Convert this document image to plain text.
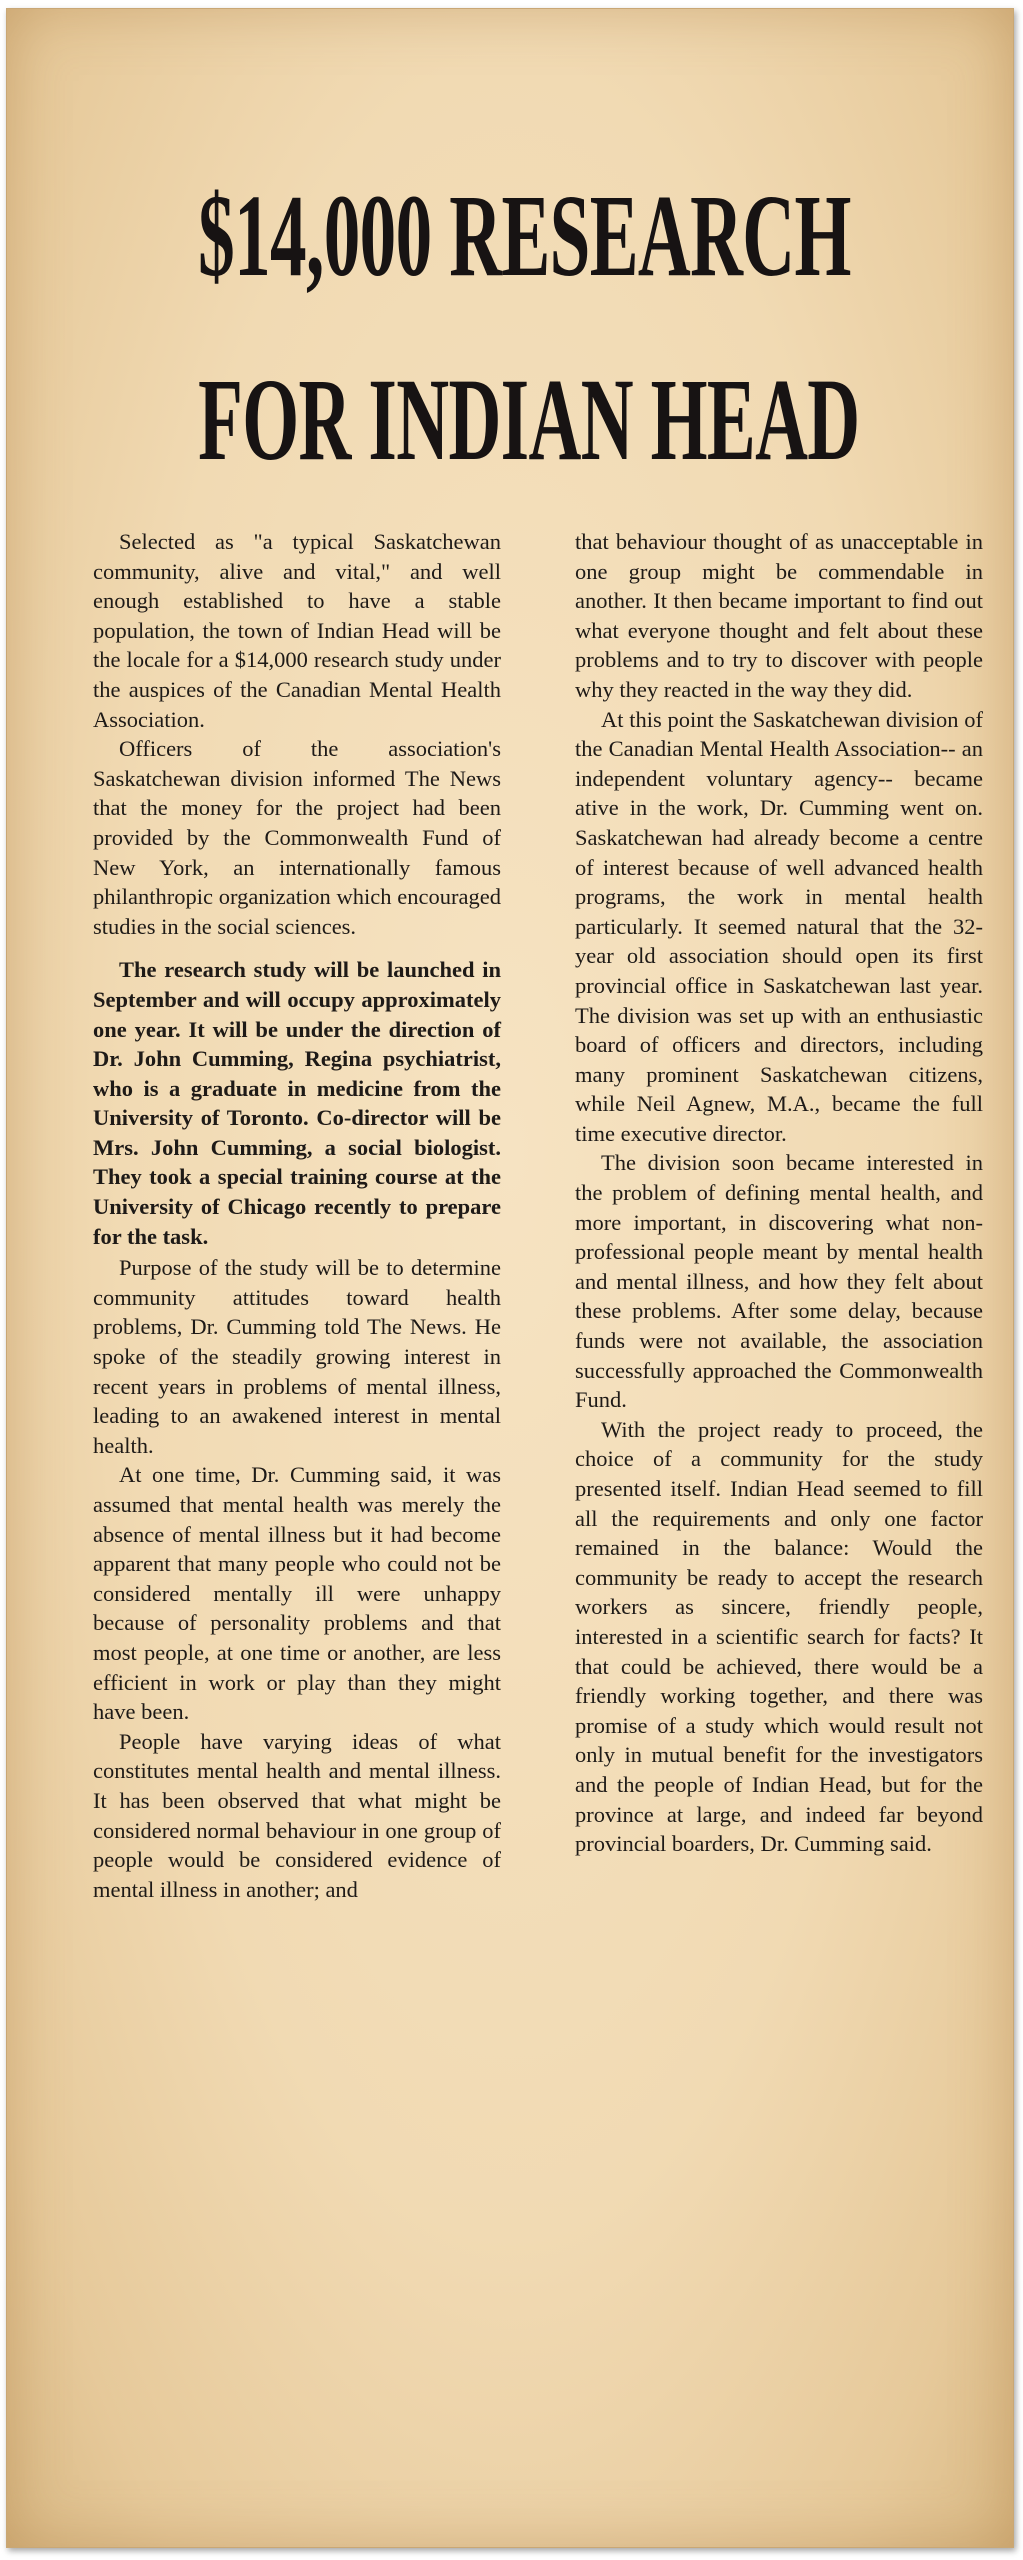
$14,000 RESEARCH
FOR INDIAN HEAD

Selected as "a typical Saskatchewan community, alive and vital," and well enough established to have a stable population, the town of Indian Head will be the locale for a $14,000 research study under the auspices of the Canadian Mental Health Association.

Officers of the association's Saskatchewan division informed The News that the money for the project had been provided by the Commonwealth Fund of New York, an internationally famous philanthropic organization which encouraged studies in the social sciences.

The research study will be launched in September and will occupy approximately one year. It will be under the direction of Dr. John Cumming, Regina psychiatrist, who is a graduate in medicine from the University of Toronto. Co-director will be Mrs. John Cumming, a social biologist. They took a special training course at the University of Chicago recently to prepare for the task.

Purpose of the study will be to determine community attitudes toward health problems, Dr. Cumming told The News. He spoke of the steadily growing interest in recent years in problems of mental illness, leading to an awakened interest in mental health.

At one time, Dr. Cumming said, it was assumed that mental health was merely the absence of mental illness but it had become apparent that many people who could not be considered mentally ill were unhappy because of personality problems and that most people, at one time or another, are less efficient in work or play than they might have been.

People have varying ideas of what constitutes mental health and mental illness. It has been observed that what might be considered normal behaviour in one group of people would be considered evidence of mental illness in another; and

that behaviour thought of as unacceptable in one group might be commendable in another. It then became important to find out what everyone thought and felt about these problems and to try to discover with people why they reacted in the way they did.

At this point the Saskatchewan division of the Canadian Mental Health Association-- an independent voluntary agency-- became ative in the work, Dr. Cumming went on. Saskatchewan had already become a centre of interest because of well advanced health programs, the work in mental health particularly. It seemed natural that the 32-year old association should open its first provincial office in Saskatchewan last year. The division was set up with an enthusiastic board of officers and directors, including many prominent Saskatchewan citizens, while Neil Agnew, M.A., became the full time executive director.

The division soon became interested in the problem of defining mental health, and more important, in discovering what non-professional people meant by mental health and mental illness, and how they felt about these problems. After some delay, because funds were not available, the association successfully approached the Commonwealth Fund.

With the project ready to proceed, the choice of a community for the study presented itself. Indian Head seemed to fill all the requirements and only one factor remained in the balance: Would the community be ready to accept the research workers as sincere, friendly people, interested in a scientific search for facts? It that could be achieved, there would be a friendly working together, and there was promise of a study which would result not only in mutual benefit for the investigators and the people of Indian Head, but for the province at large, and indeed far beyond provincial boarders, Dr. Cumming said.
